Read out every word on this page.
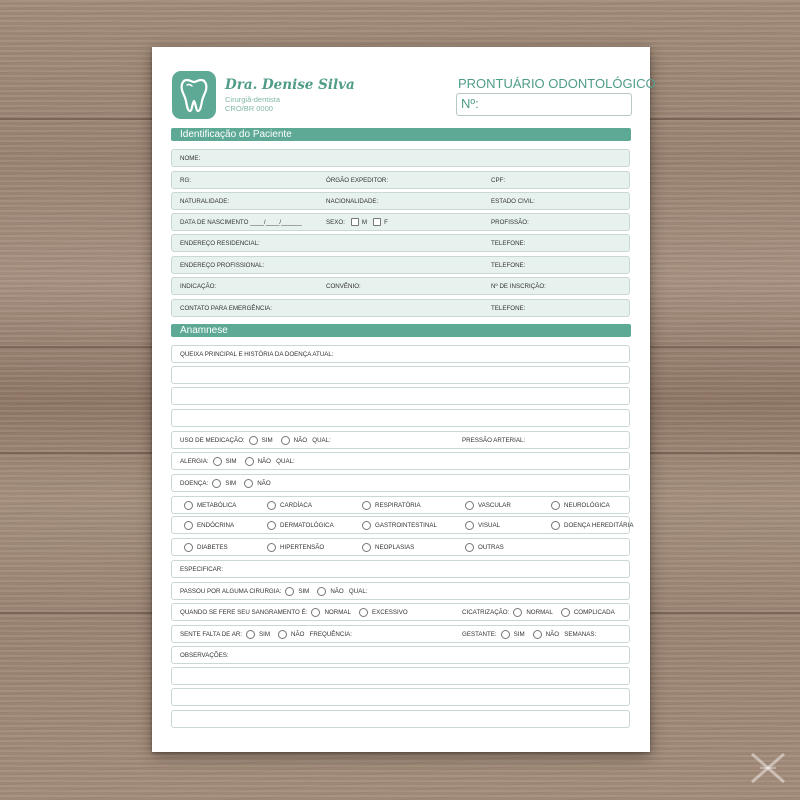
Dra. Denise Silva
Cirurgiã-dentista
CRO/BR 0000
PRONTUÁRIO ODONTOLÓGICO
Nº:
Identificação do Paciente
NOME:
RG:	ÓRGÃO EXPEDITOR:	CPF:
NATURALIDADE:	NACIONALIDADE:	ESTADO CIVIL:
DATA DE NASCIMENTO ____/____/______	SEXO:	M	F	PROFISSÃO:
ENDEREÇO RESIDENCIAL:	TELEFONE:
ENDEREÇO PROFISSIONAL:	TELEFONE:
INDICAÇÃO:	CONVÊNIO:	Nº DE INSCRIÇÃO:
CONTATO PARA EMERGÊNCIA:	TELEFONE:
Anamnese
QUEIXA PRINCIPAL E HISTÓRIA DA DOENÇA ATUAL:
USO DE MEDICAÇÃO:	SIM	NÃO QUAL:	PRESSÃO ARTERIAL:
ALERGIA:	SIM	NÃO QUAL:
DOENÇA:	SIM	NÃO
METABÓLICA	CARDÍACA	RESPIRATÓRIA	VASCULAR	NEUROLÓGICA
ENDÓCRINA	DERMATOLÓGICA	GASTROINTESTINAL	VISUAL	DOENÇA HEREDITÁRIA
DIABETES	HIPERTENSÃO	NEOPLASIAS	OUTRAS
ESPECIFICAR:
PASSOU POR ALGUMA CIRURGIA:	SIM	NÃO QUAL:
QUANDO SE FERE SEU SANGRAMENTO É:	NORMAL	EXCESSIVO	CICATRIZAÇÃO:	NORMAL	COMPLICADA
SENTE FALTA DE AR:	SIM	NÃO FREQUÊNCIA:	GESTANTE:	SIM	NÃO SEMANAS:
OBSERVAÇÕES:
